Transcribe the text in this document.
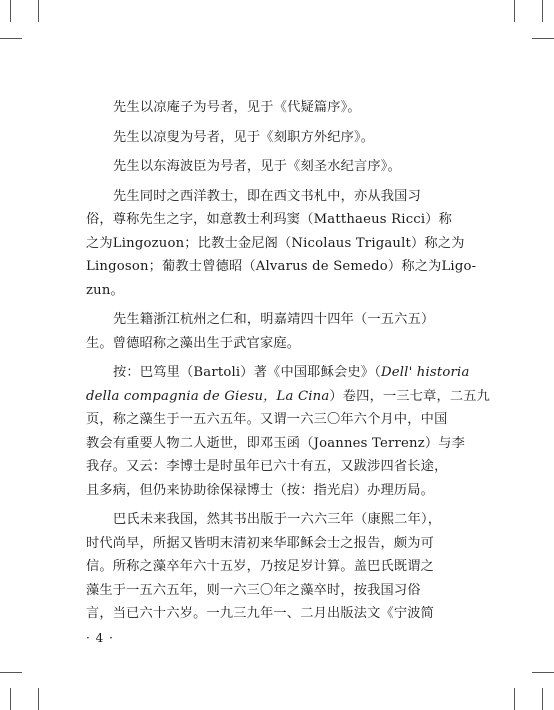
先生以凉庵子为号者，见于《代疑篇序》。

先生以凉叟为号者，见于《刻职方外纪序》。

先生以东海波臣为号者，见于《刻圣水纪言序》。

先生同时之西洋教士，即在西文书札中，亦从我国习
俗，尊称先生之字，如意教士利玛窦（Matthaeus Ricci）称
之为Lingozuon；比教士金尼阁（Nicolaus Trigault）称之为
Lingoson；葡教士曾德昭（Alvarus de Semedo）称之为Ligo-
zun。

先生籍浙江杭州之仁和，明嘉靖四十四年（一五六五）
生。曾德昭称之藻出生于武官家庭。

按：巴笃里（Bartoli）著《中国耶稣会史》（Dell' historia
della compagnia de Giesu，La Cina）卷四，一三七章，二五九
页，称之藻生于一五六五年。又谓一六三〇年六个月中，中国
教会有重要人物二人逝世，即邓玉函（Joannes Terrenz）与李
我存。又云：李博士是时虽年已六十有五，又跋涉四省长途，
且多病，但仍来协助徐保禄博士（按：指光启）办理历局。

巴氏未来我国，然其书出版于一六六三年（康熙二年），
时代尚早，所据又皆明末清初来华耶稣会士之报告，颇为可
信。所称之藻卒年六十五岁，乃按足岁计算。盖巴氏既谓之
藻生于一五六五年，则一六三〇年之藻卒时，按我国习俗
言，当已六十六岁。一九三九年一、二月出版法文《宁波简

· 4 ·
